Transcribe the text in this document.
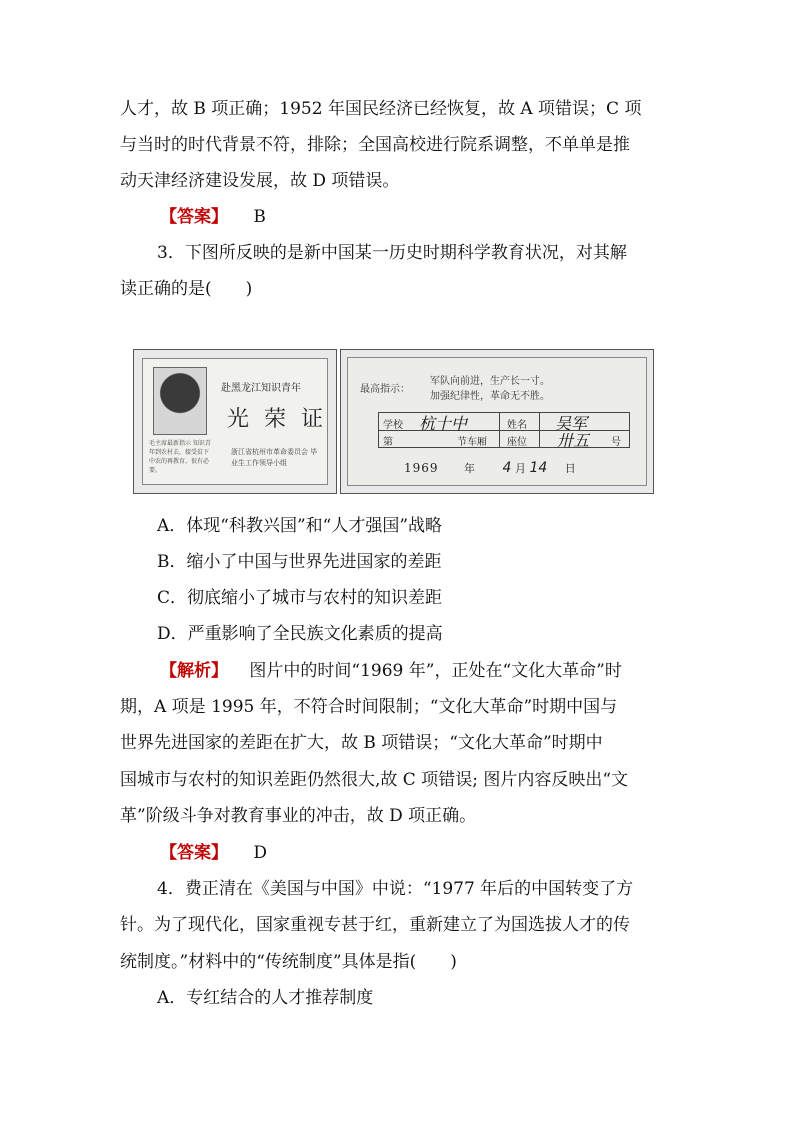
人才，故 B 项正确；1952 年国民经济已经恢复，故 A 项错误；C 项
与当时的时代背景不符，排除；全国高校进行院系调整，不单单是推
动天津经济建设发展，故 D 项错误。
【答案】 B
3．下图所反映的是新中国某一历史时期科学教育状况，对其解
读正确的是(　　)
赴黑龙江知识青年
光 荣 证
毛主席最新指示 知识青年到农村去，接受贫下中农的再教育，很有必要。
浙江省杭州市革命委员会 毕业生工作领导小组
最高指示：
军队向前进，生产长一寸。
加强纪律性，革命无不胜。
学校 杭十中	姓名 吴军
第	节车厢 座位 卅五 号
1969 年 4 月 14 日
A．体现“科教兴国”和“人才强国”战略
B．缩小了中国与世界先进国家的差距
C．彻底缩小了城市与农村的知识差距
D．严重影响了全民族文化素质的提高
【解析】 图片中的时间“1969 年”，正处在“文化大革命”时
期，A 项是 1995 年，不符合时间限制；“文化大革命”时期中国与
世界先进国家的差距在扩大，故 B 项错误；“文化大革命”时期中
国城市与农村的知识差距仍然很大,故 C 项错误; 图片内容反映出“文
革”阶级斗争对教育事业的冲击，故 D 项正确。
【答案】 D
4．费正清在《美国与中国》中说：“1977 年后的中国转变了方
针。为了现代化，国家重视专甚于红，重新建立了为国选拔人才的传
统制度。”材料中的“传统制度”具体是指(　　)
A．专红结合的人才推荐制度
